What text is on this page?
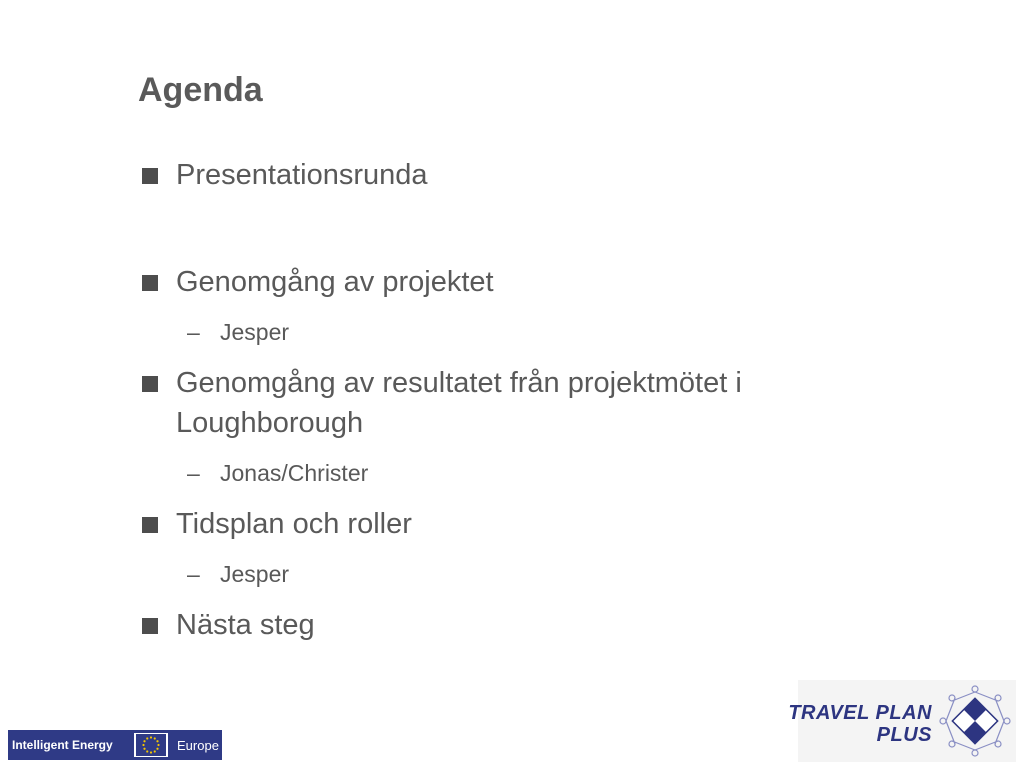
Agenda
Presentationsrunda
Genomgång av projektet
– Jesper
Genomgång av resultatet från projektmötet i
Loughborough
– Jonas/Christer
Tidsplan och roller
– Jesper
Nästa steg
Intelligent Energy	Europe
TRAVEL PLAN
PLUS
